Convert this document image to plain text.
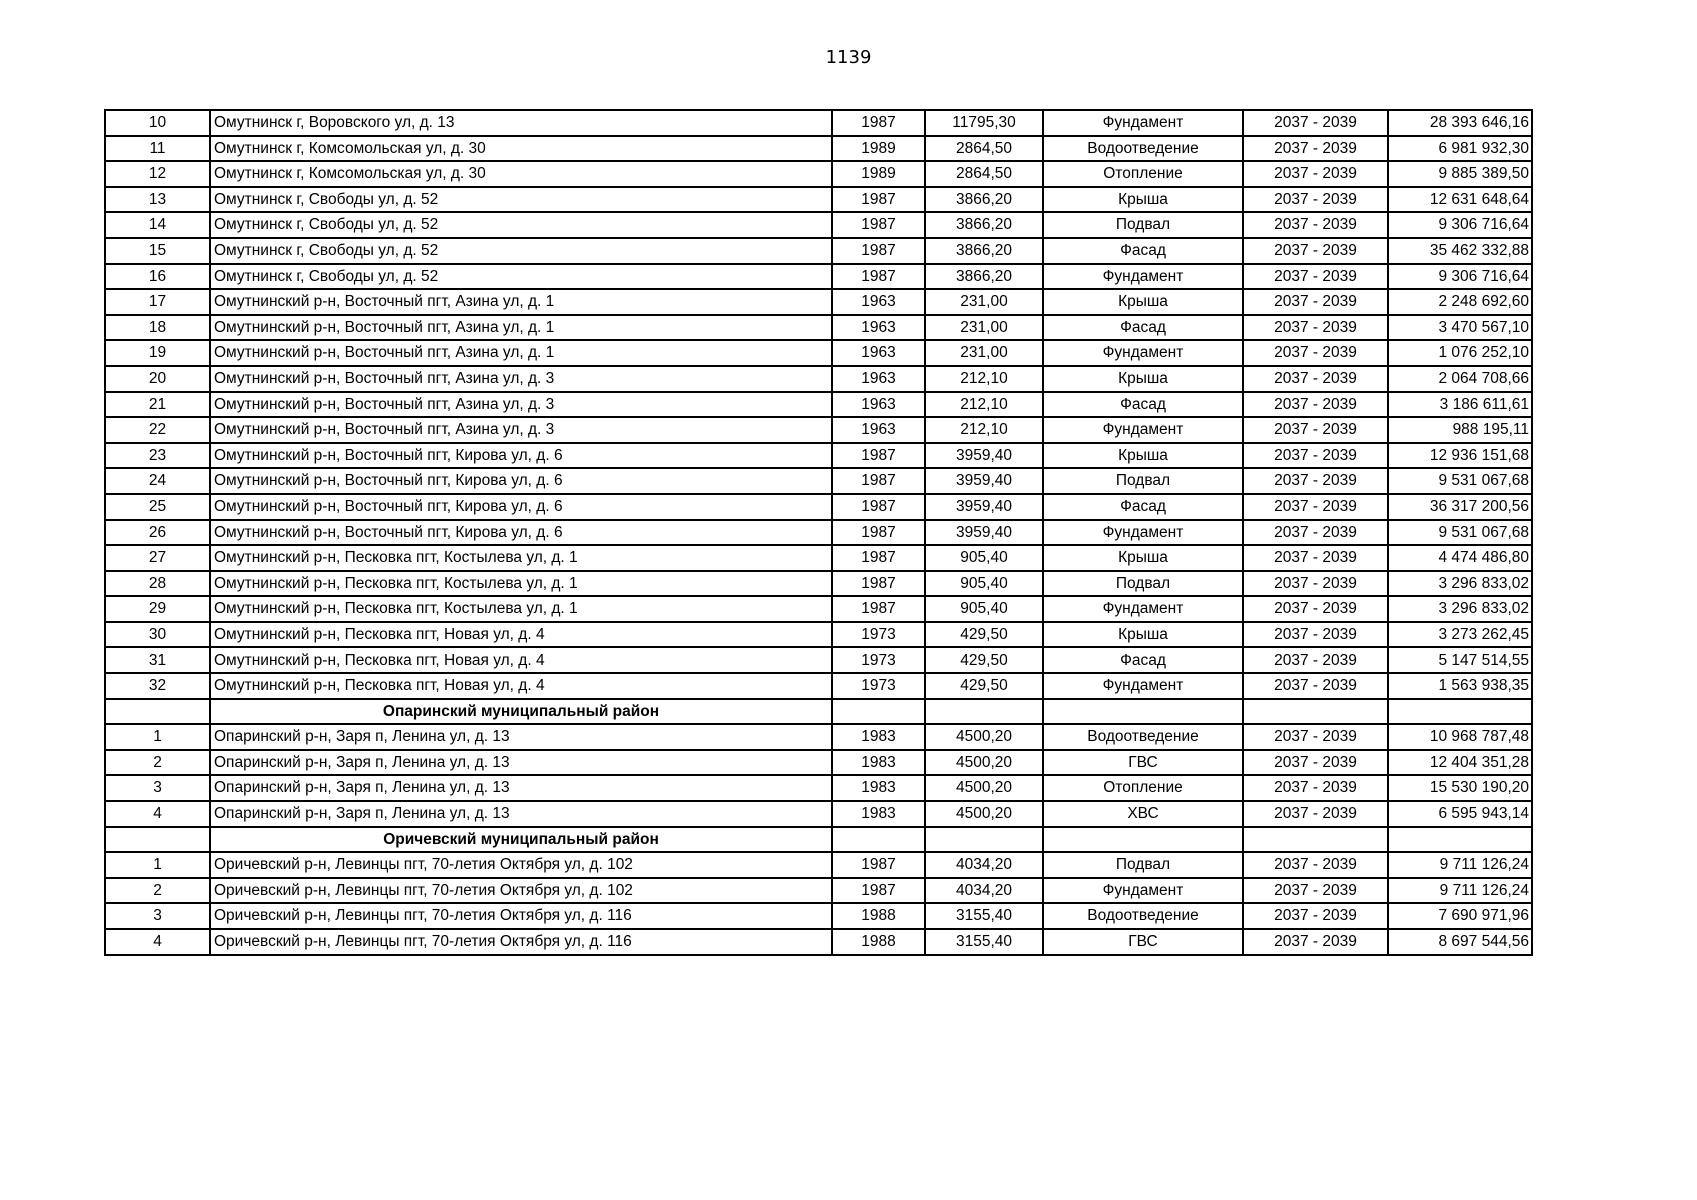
1139
10	Омутнинск г, Воровского ул, д. 13	1987	11795,30	Фундамент	2037 - 2039	28 393 646,16
11	Омутнинск г, Комсомольская ул, д. 30	1989	2864,50	Водоотведение	2037 - 2039	6 981 932,30
12	Омутнинск г, Комсомольская ул, д. 30	1989	2864,50	Отопление	2037 - 2039	9 885 389,50
13	Омутнинск г, Свободы ул, д. 52	1987	3866,20	Крыша	2037 - 2039	12 631 648,64
14	Омутнинск г, Свободы ул, д. 52	1987	3866,20	Подвал	2037 - 2039	9 306 716,64
15	Омутнинск г, Свободы ул, д. 52	1987	3866,20	Фасад	2037 - 2039	35 462 332,88
16	Омутнинск г, Свободы ул, д. 52	1987	3866,20	Фундамент	2037 - 2039	9 306 716,64
17	Омутнинский р-н, Восточный пгт, Азина ул, д. 1	1963	231,00	Крыша	2037 - 2039	2 248 692,60
18	Омутнинский р-н, Восточный пгт, Азина ул, д. 1	1963	231,00	Фасад	2037 - 2039	3 470 567,10
19	Омутнинский р-н, Восточный пгт, Азина ул, д. 1	1963	231,00	Фундамент	2037 - 2039	1 076 252,10
20	Омутнинский р-н, Восточный пгт, Азина ул, д. 3	1963	212,10	Крыша	2037 - 2039	2 064 708,66
21	Омутнинский р-н, Восточный пгт, Азина ул, д. 3	1963	212,10	Фасад	2037 - 2039	3 186 611,61
22	Омутнинский р-н, Восточный пгт, Азина ул, д. 3	1963	212,10	Фундамент	2037 - 2039	988 195,11
23	Омутнинский р-н, Восточный пгт, Кирова ул, д. 6	1987	3959,40	Крыша	2037 - 2039	12 936 151,68
24	Омутнинский р-н, Восточный пгт, Кирова ул, д. 6	1987	3959,40	Подвал	2037 - 2039	9 531 067,68
25	Омутнинский р-н, Восточный пгт, Кирова ул, д. 6	1987	3959,40	Фасад	2037 - 2039	36 317 200,56
26	Омутнинский р-н, Восточный пгт, Кирова ул, д. 6	1987	3959,40	Фундамент	2037 - 2039	9 531 067,68
27	Омутнинский р-н, Песковка пгт, Костылева ул, д. 1	1987	905,40	Крыша	2037 - 2039	4 474 486,80
28	Омутнинский р-н, Песковка пгт, Костылева ул, д. 1	1987	905,40	Подвал	2037 - 2039	3 296 833,02
29	Омутнинский р-н, Песковка пгт, Костылева ул, д. 1	1987	905,40	Фундамент	2037 - 2039	3 296 833,02
30	Омутнинский р-н, Песковка пгт, Новая ул, д. 4	1973	429,50	Крыша	2037 - 2039	3 273 262,45
31	Омутнинский р-н, Песковка пгт, Новая ул, д. 4	1973	429,50	Фасад	2037 - 2039	5 147 514,55
32	Омутнинский р-н, Песковка пгт, Новая ул, д. 4	1973	429,50	Фундамент	2037 - 2039	1 563 938,35
	Опаринский муниципальный район					
1	Опаринский р-н, Заря п, Ленина ул, д. 13	1983	4500,20	Водоотведение	2037 - 2039	10 968 787,48
2	Опаринский р-н, Заря п, Ленина ул, д. 13	1983	4500,20	ГВС	2037 - 2039	12 404 351,28
3	Опаринский р-н, Заря п, Ленина ул, д. 13	1983	4500,20	Отопление	2037 - 2039	15 530 190,20
4	Опаринский р-н, Заря п, Ленина ул, д. 13	1983	4500,20	ХВС	2037 - 2039	6 595 943,14
	Оричевский муниципальный район					
1	Оричевский р-н, Левинцы пгт, 70-летия Октября ул, д. 102	1987	4034,20	Подвал	2037 - 2039	9 711 126,24
2	Оричевский р-н, Левинцы пгт, 70-летия Октября ул, д. 102	1987	4034,20	Фундамент	2037 - 2039	9 711 126,24
3	Оричевский р-н, Левинцы пгт, 70-летия Октября ул, д. 116	1988	3155,40	Водоотведение	2037 - 2039	7 690 971,96
4	Оричевский р-н, Левинцы пгт, 70-летия Октября ул, д. 116	1988	3155,40	ГВС	2037 - 2039	8 697 544,56
